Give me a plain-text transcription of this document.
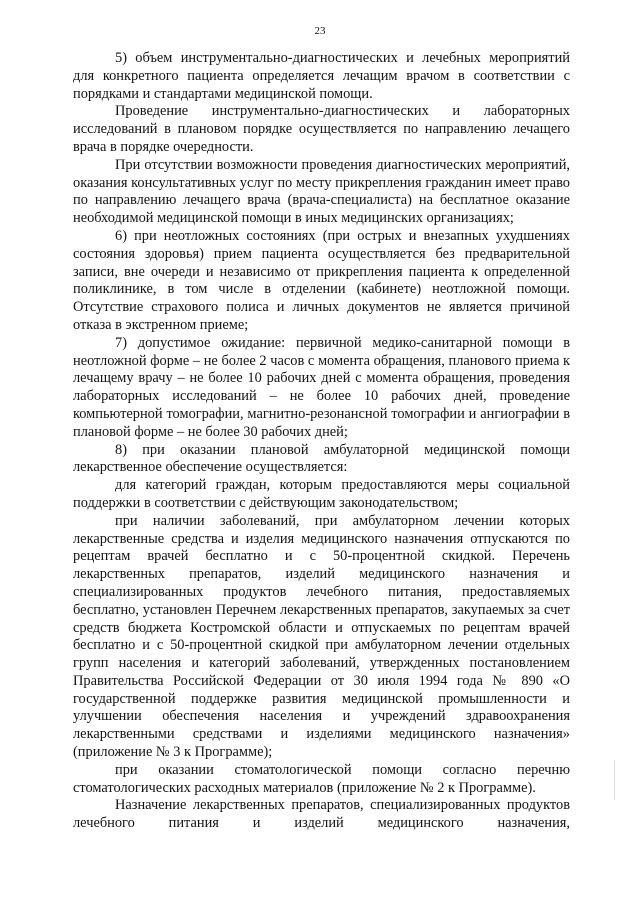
23

5) объем инструментально-диагностических и лечебных мероприятий для конкретного пациента определяется лечащим врачом в соответствии с порядками и стандартами медицинской помощи.

Проведение инструментально-диагностических и лабораторных исследований в плановом порядке осуществляется по направлению лечащего врача в порядке очередности.

При отсутствии возможности проведения диагностических мероприятий, оказания консультативных услуг по месту прикрепления гражданин имеет право по направлению лечащего врача (врача-специалиста) на бесплатное оказание необходимой медицинской помощи в иных медицинских организациях;

6) при неотложных состояниях (при острых и внезапных ухудшениях состояния здоровья) прием пациента осуществляется без предварительной записи, вне очереди и независимо от прикрепления пациента к определенной поликлинике, в том числе в отделении (кабинете) неотложной помощи. Отсутствие страхового полиса и личных документов не является причиной отказа в экстренном приеме;

7) допустимое ожидание: первичной медико-санитарной помощи в неотложной форме – не более 2 часов с момента обращения, планового приема к лечащему врачу – не более 10 рабочих дней с момента обращения, проведения лабораторных исследований – не более 10 рабочих дней, проведение компьютерной томографии, магнитно-резонансной томографии и ангиографии в плановой форме – не более 30 рабочих дней;

8) при оказании плановой амбулаторной медицинской помощи лекарственное обеспечение осуществляется:

для категорий граждан, которым предоставляются меры социальной поддержки в соответствии с действующим законодательством;

при наличии заболеваний, при амбулаторном лечении которых лекарственные средства и изделия медицинского назначения отпускаются по рецептам врачей бесплатно и с 50-процентной скидкой. Перечень лекарственных препаратов, изделий медицинского назначения и специализированных продуктов лечебного питания, предоставляемых бесплатно, установлен Перечнем лекарственных препаратов, закупаемых за счет средств бюджета Костромской области и отпускаемых по рецептам врачей бесплатно и с 50-процентной скидкой при амбулаторном лечении отдельных групп населения и категорий заболеваний, утвержденных постановлением Правительства Российской Федерации от 30 июля 1994 года № 890 «О государственной поддержке развития медицинской промышленности и улучшении обеспечения населения и учреждений здравоохранения лекарственными средствами и изделиями медицинского назначения» (приложение № 3 к Программе);

при оказании стоматологической помощи согласно перечню стоматологических расходных материалов (приложение № 2 к Программе).

Назначение лекарственных препаратов, специализированных продуктов лечебного питания и изделий медицинского назначения,
